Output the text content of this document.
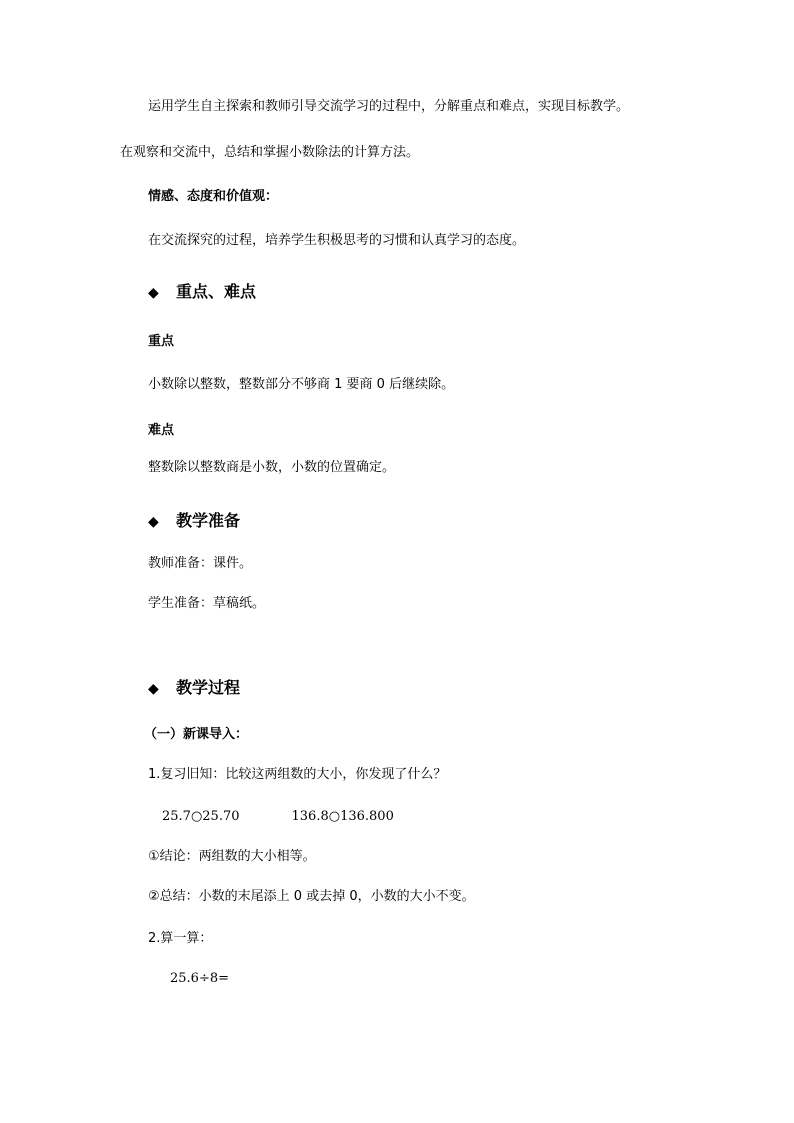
运用学生自主探索和教师引导交流学习的过程中，分解重点和难点，实现目标教学。
在观察和交流中，总结和掌握小数除法的计算方法。
情感、态度和价值观：
在交流探究的过程，培养学生积极思考的习惯和认真学习的态度。
◆ 重点、难点
重点
小数除以整数，整数部分不够商 1 要商 0 后继续除。
难点
整数除以整数商是小数，小数的位置确定。
◆ 教学准备
教师准备：课件。
学生准备：草稿纸。
◆ 教学过程
（一）新课导入：
1.复习旧知：比较这两组数的大小，你发现了什么？
25.7○25.70	136.8○136.800
①结论：两组数的大小相等。
②总结：小数的末尾添上 0 或去掉 0，小数的大小不变。
2.算一算：
25.6÷8=
